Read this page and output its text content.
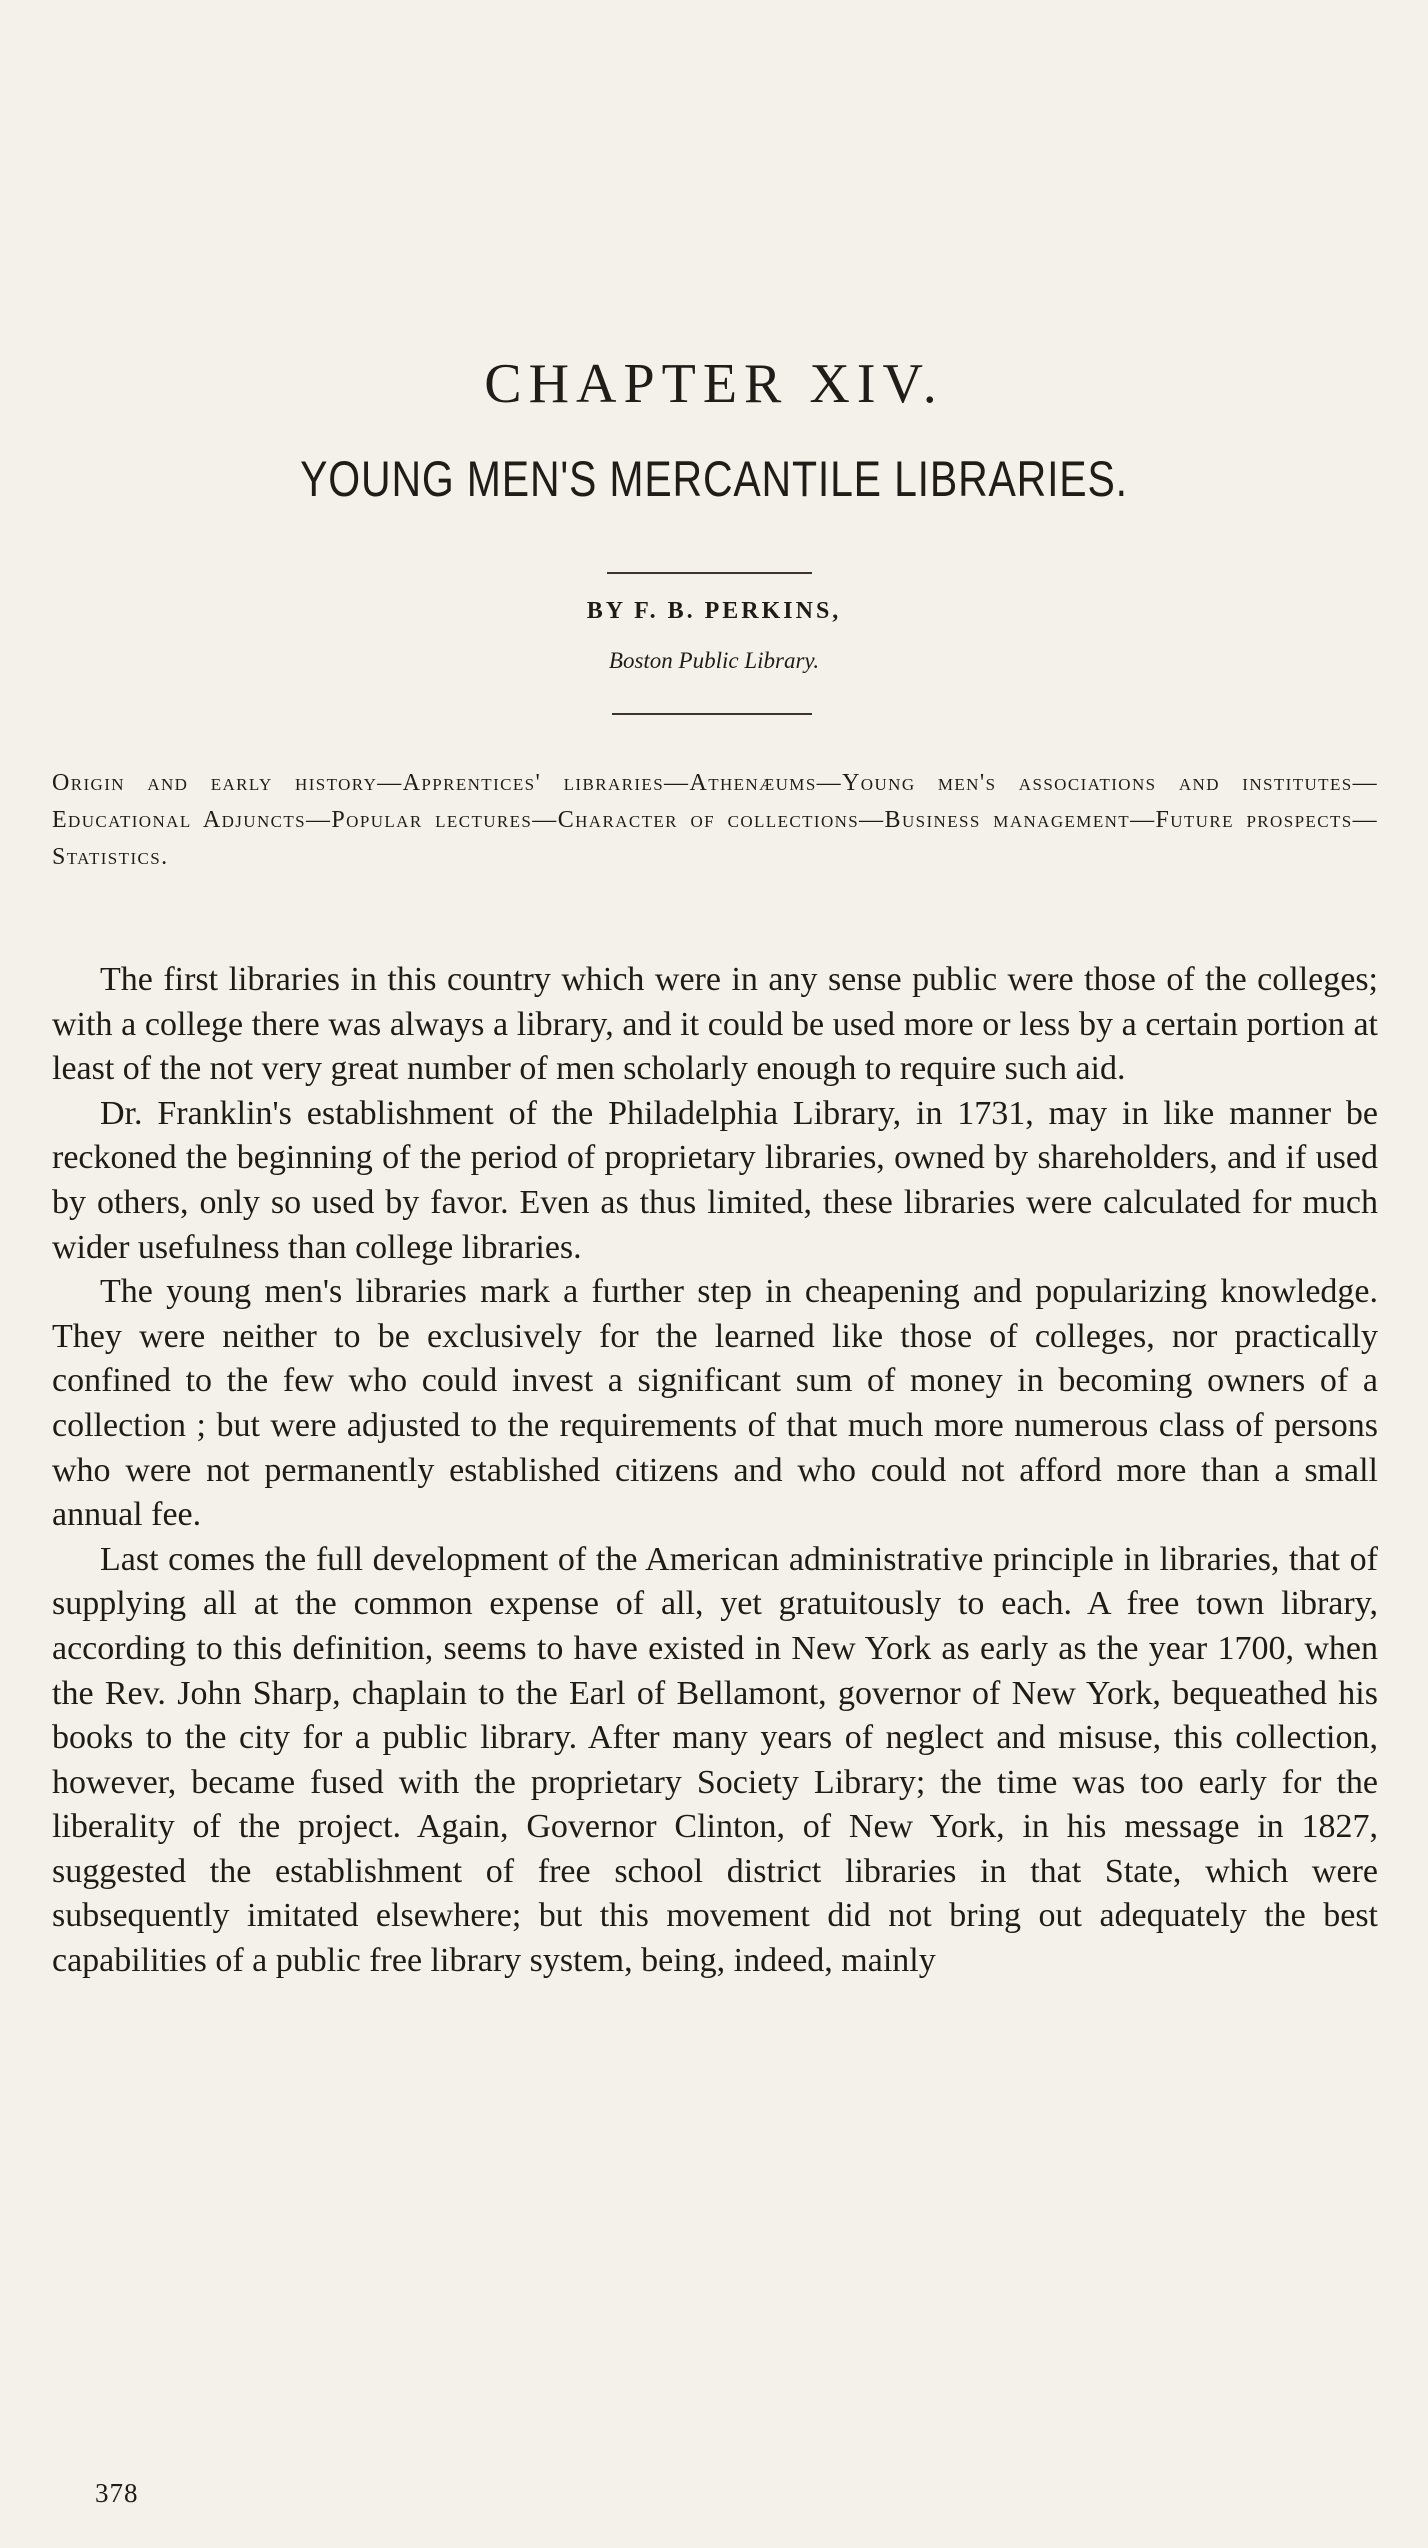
CHAPTER XIV.
YOUNG MEN'S MERCANTILE LIBRARIES.
BY F. B. PERKINS,
Boston Public Library.
Origin and early history—Apprentices' libraries—Athenæums—Young men's associations and institutes—Educational Adjuncts—Popular lectures—Character of collections—Business management—Future prospects—Statistics.

The first libraries in this country which were in any sense public were those of the colleges; with a college there was always a library, and it could be used more or less by a certain portion at least of the not very great number of men scholarly enough to require such aid.

Dr. Franklin's establishment of the Philadelphia Library, in 1731, may in like manner be reckoned the beginning of the period of proprietary libraries, owned by shareholders, and if used by others, only so used by favor. Even as thus limited, these libraries were calculated for much wider usefulness than college libraries.

The young men's libraries mark a further step in cheapening and popularizing knowledge. They were neither to be exclusively for the learned like those of colleges, nor practically confined to the few who could invest a significant sum of money in becoming owners of a collection ; but were adjusted to the requirements of that much more numerous class of persons who were not permanently established citizens and who could not afford more than a small annual fee.

Last comes the full development of the American administrative principle in libraries, that of supplying all at the common expense of all, yet gratuitously to each. A free town library, according to this definition, seems to have existed in New York as early as the year 1700, when the Rev. John Sharp, chaplain to the Earl of Bellamont, governor of New York, bequeathed his books to the city for a public library. After many years of neglect and misuse, this collection, however, became fused with the proprietary Society Library; the time was too early for the liberality of the project. Again, Governor Clinton, of New York, in his message in 1827, suggested the establishment of free school district libraries in that State, which were subsequently imitated elsewhere; but this movement did not bring out adequately the best capabilities of a public free library system, being, indeed, mainly

378
